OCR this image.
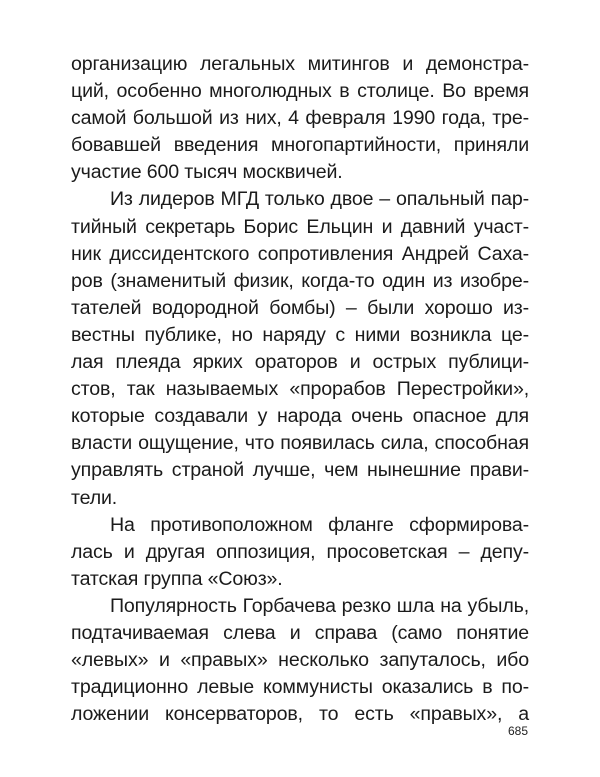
организацию легальных митингов и демонстра-
ций, особенно многолюдных в столице. Во время
самой большой из них, 4 февраля 1990 года, тре-
бовавшей введения многопартийности, приняли
участие 600 тысяч москвичей.
Из лидеров МГД только двое – опальный пар-
тийный секретарь Борис Ельцин и давний участ-
ник диссидентского сопротивления Андрей Саха-
ров (знаменитый физик, когда-то один из изобре-
тателей водородной бомбы) – были хорошо из-
вестны публике, но наряду с ними возникла це-
лая плеяда ярких ораторов и острых публици-
стов, так называемых «прорабов Перестройки»,
которые создавали у народа очень опасное для
власти ощущение, что появилась сила, способная
управлять страной лучше, чем нынешние прави-
тели.
На противоположном фланге сформирова-
лась и другая оппозиция, просоветская – депу-
татская группа «Союз».
Популярность Горбачева резко шла на убыль,
подтачиваемая слева и справа (само понятие
«левых» и «правых» несколько запуталось, ибо
традиционно левые коммунисты оказались в по-
ложении консерваторов, то есть «правых», а
685
